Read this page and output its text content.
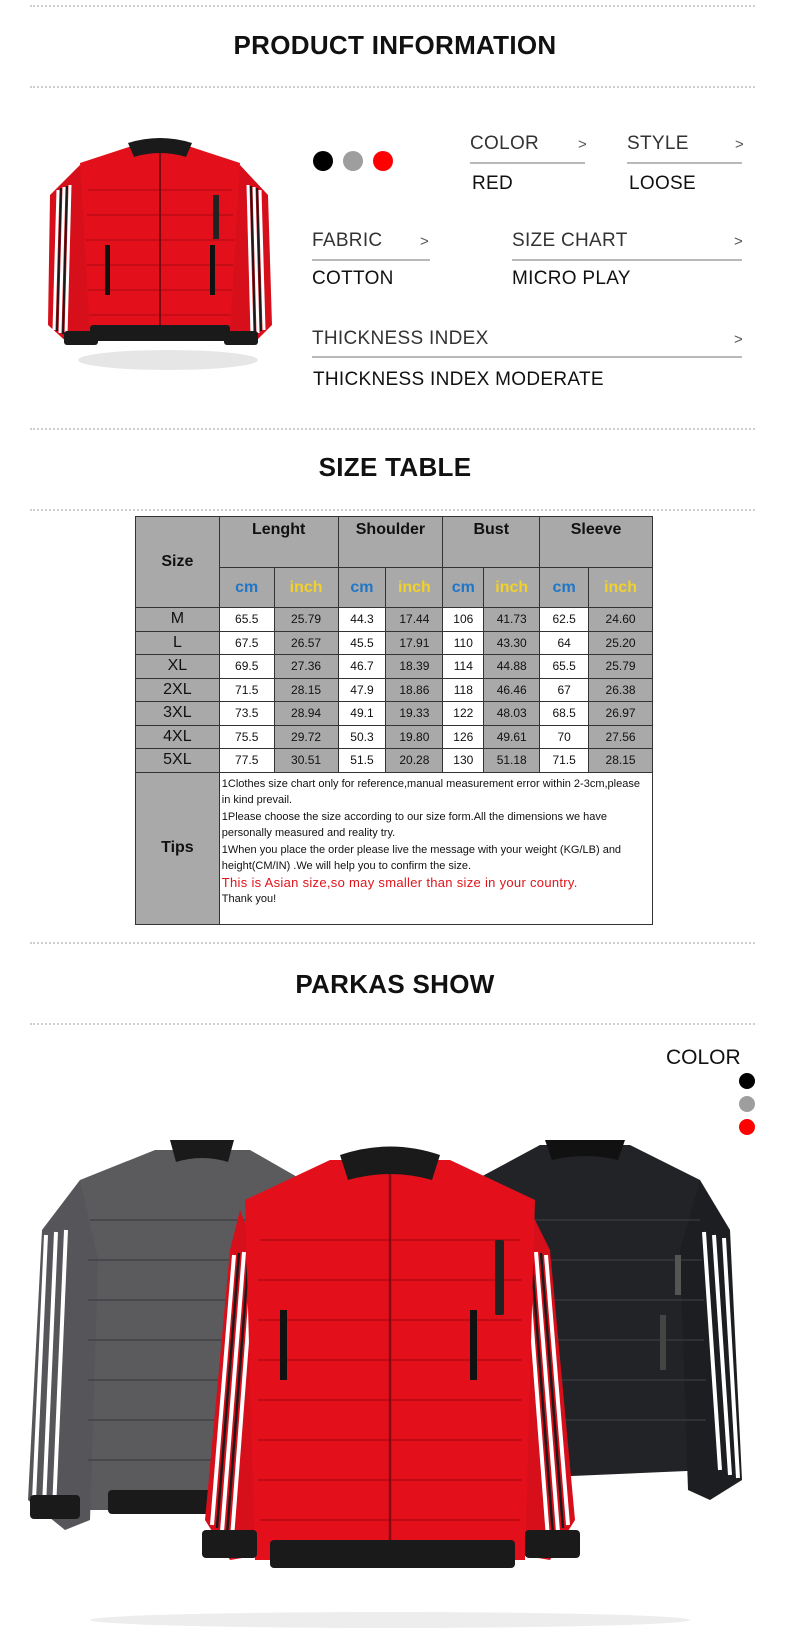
PRODUCT INFORMATION
COLOR	>
RED
STYLE	>
LOOSE
FABRIC	>
COTTON
SIZE CHART	>
MICRO PLAY
THICKNESS INDEX	>
THICKNESS INDEX MODERATE
SIZE TABLE
Size	Lenght		Shoulder		Bust		Sleeve	
	cm	inch	cm	inch	cm	inch	cm	inch
M	65.5	25.79	44.3	17.44	106	41.73	62.5	24.60
L	67.5	26.57	45.5	17.91	110	43.30	64	25.20
XL	69.5	27.36	46.7	18.39	114	44.88	65.5	25.79
2XL	71.5	28.15	47.9	18.86	118	46.46	67	26.38
3XL	73.5	28.94	49.1	19.33	122	48.03	68.5	26.97
4XL	75.5	29.72	50.3	19.80	126	49.61	70	27.56
5XL	77.5	30.51	51.5	20.28	130	51.18	71.5	28.15
Tips	1Clothes size chart only for reference,manual measurement error within 2-3cm,please in kind prevail.
1Please choose the size according to our size form.All the dimensions we have personally measured and reality try.
1When you place the order please live the message with your weight (KG/LB) and height(CM/IN) .We will help you to confirm the size.
This is Asian size,so may smaller than size in your country.
Thank you!							
PARKAS SHOW
COLOR
